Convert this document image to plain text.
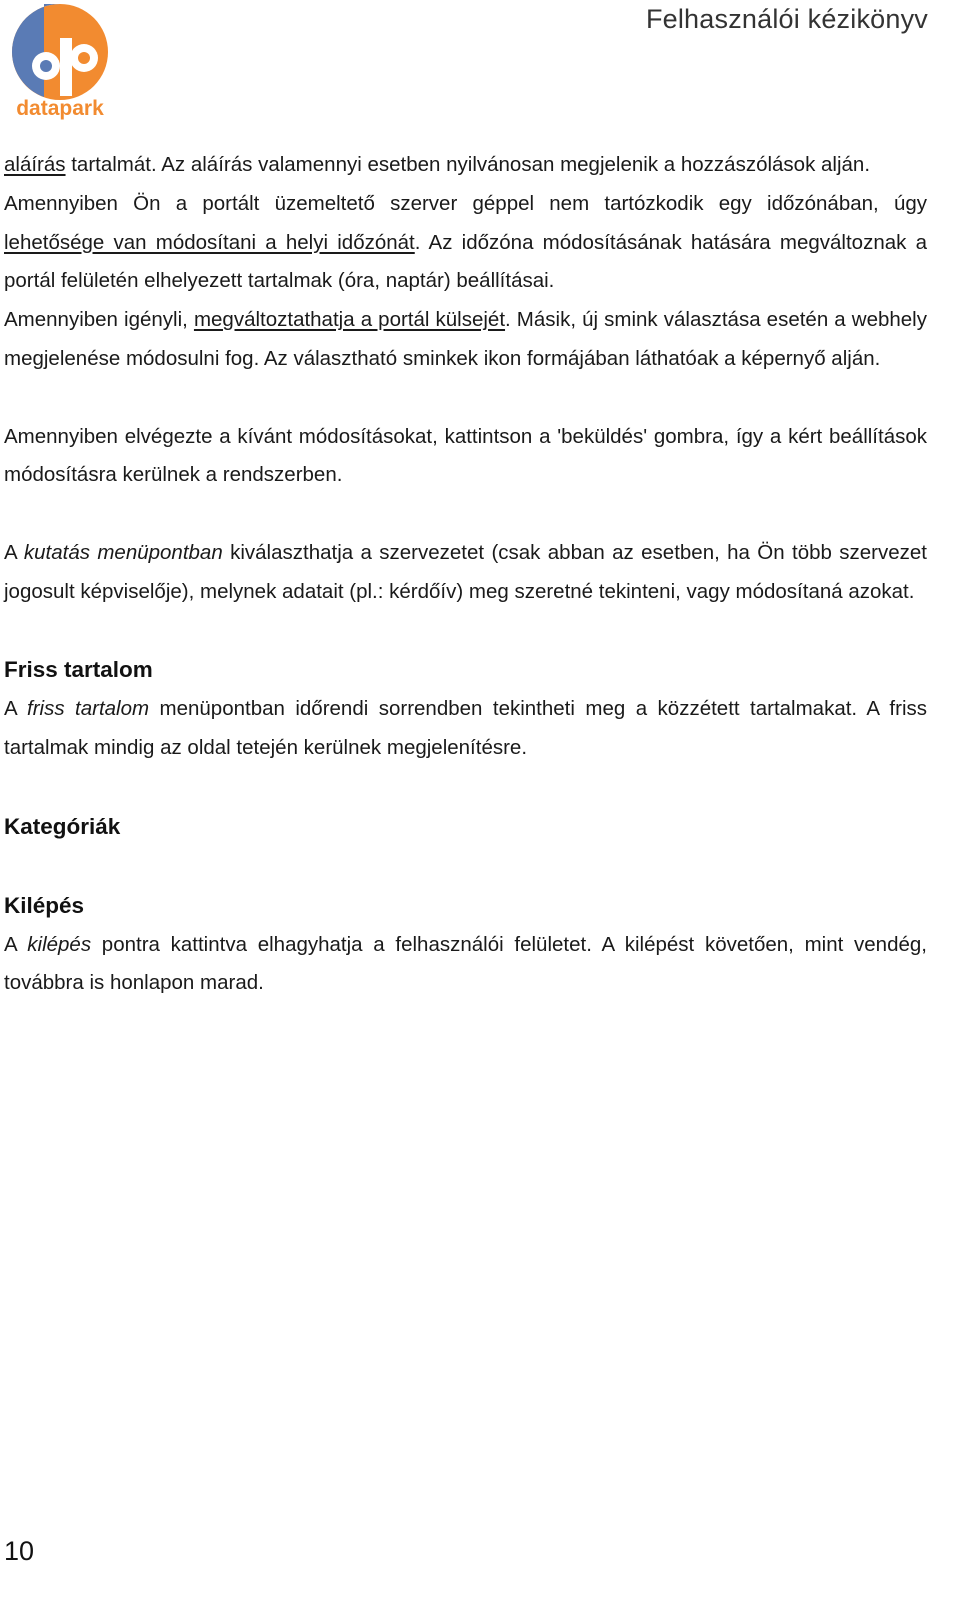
datapark
Felhasználói kézikönyv

aláírás tartalmát. Az aláírás valamennyi esetben nyilvánosan megjelenik a hozzászólások alján.

Amennyiben Ön a portált üzemeltető szerver géppel nem tartózkodik egy időzónában, úgy lehetősége van módosítani a helyi időzónát. Az időzóna módosításának hatására megváltoznak a portál felületén elhelyezett tartalmak (óra, naptár) beállításai.

Amennyiben igényli, megváltoztathatja a portál külsejét. Másik, új smink választása esetén a webhely megjelenése módosulni fog. Az választható sminkek ikon formájában láthatóak a képernyő alján.

Amennyiben elvégezte a kívánt módosításokat, kattintson a 'beküldés' gombra, így a kért beállítások módosításra kerülnek a rendszerben.

A kutatás menüpontban kiválaszthatja a szervezetet (csak abban az esetben, ha Ön több szervezet jogosult képviselője), melynek adatait (pl.: kérdőív) meg szeretné tekinteni, vagy módosítaná azokat.

Friss tartalom

A friss tartalom menüpontban időrendi sorrendben tekintheti meg a közzétett tartalmakat. A friss tartalmak mindig az oldal tetején kerülnek megjelenítésre.

Kategóriák
Kilépés

A kilépés pontra kattintva elhagyhatja a felhasználói felületet. A kilépést követően, mint vendég, továbbra is honlapon marad.

10
